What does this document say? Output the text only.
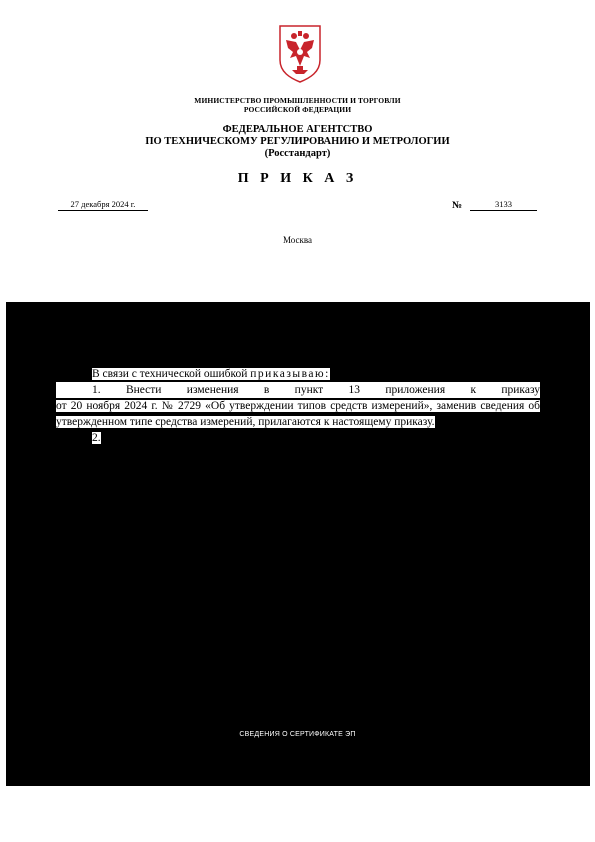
МИНИСТЕРСТВО ПРОМЫШЛЕННОСТИ И ТОРГОВЛИ
РОССИЙСКОЙ ФЕДЕРАЦИИ
ФЕДЕРАЛЬНОЕ АГЕНТСТВО
ПО ТЕХНИЧЕСКОМУ РЕГУЛИРОВАНИЮ И МЕТРОЛОГИИ
(Росстандарт)
П Р И К А З
27 декабря 2024 г.	№	3133
Москва

В связи с технической ошибкой приказываю:

1. Внести изменения в пункт 13 приложения к приказу

от 20 ноября 2024 г. № 2729 «Об утверждении типов средств измерений», заменив сведения об утвержденном типе средства измерений, прилагаются к настоящему приказу.

2.

СВЕДЕНИЯ О СЕРТИФИКАТЕ ЭП
